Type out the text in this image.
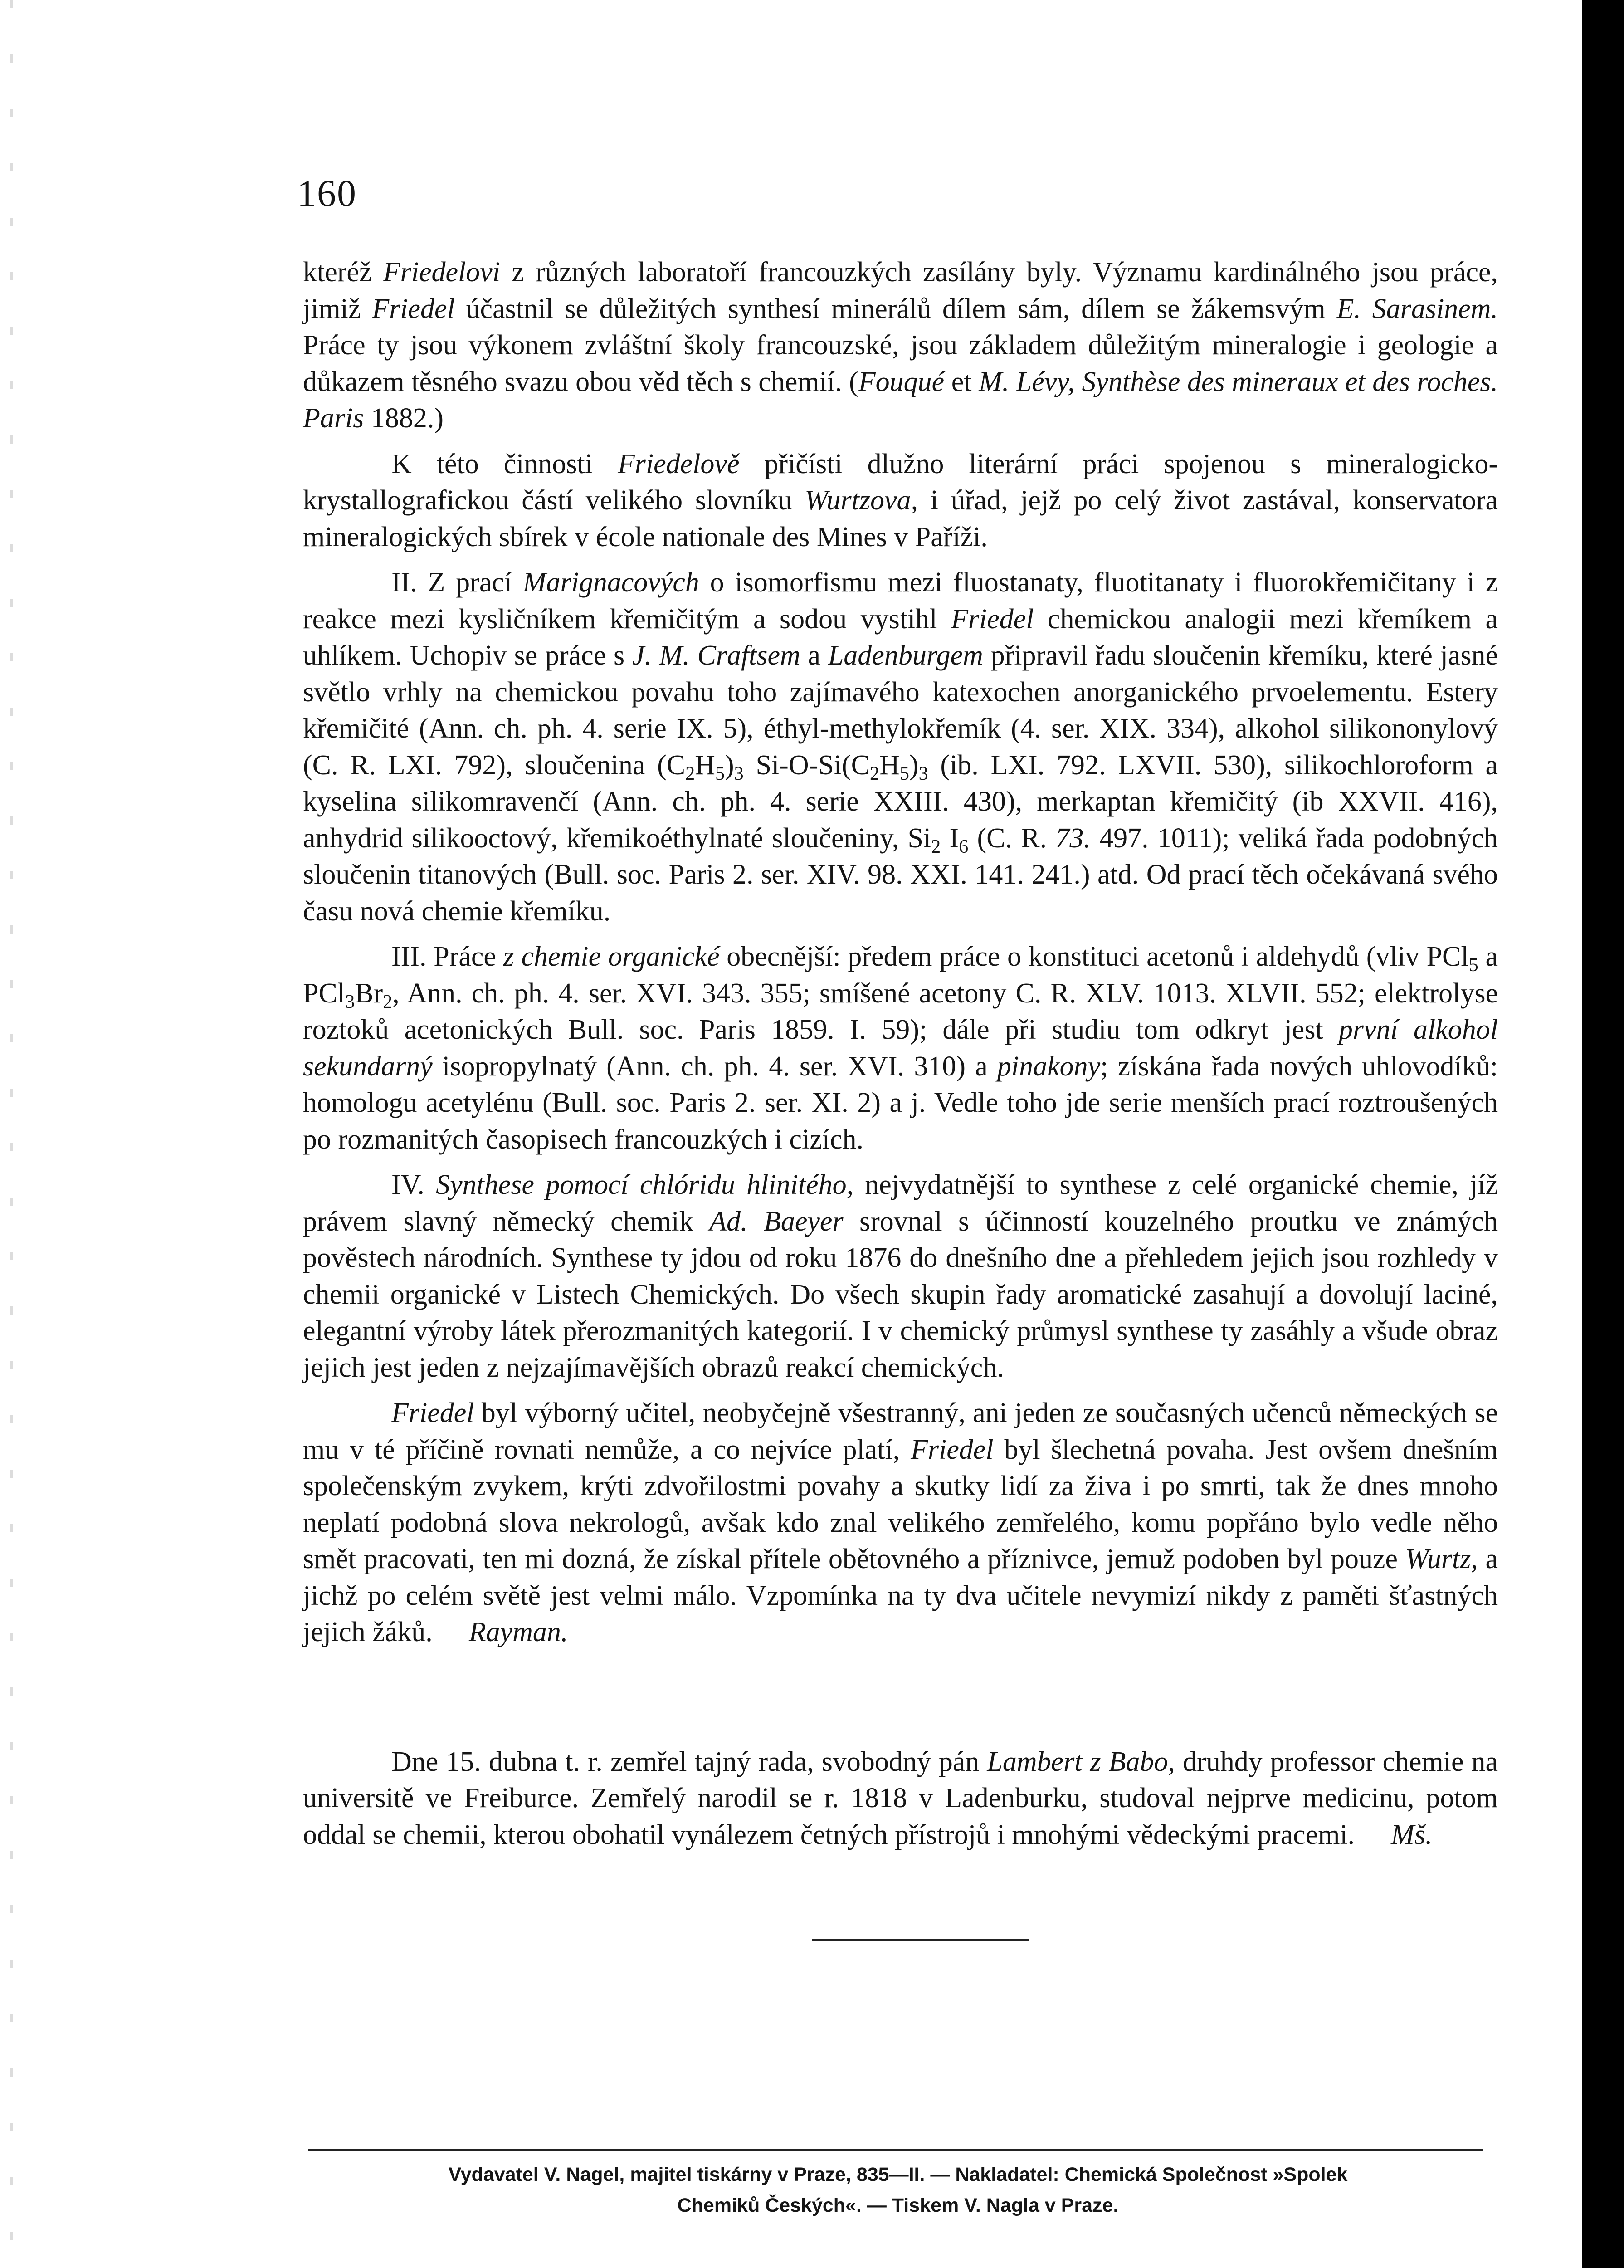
160

kteréž Friedelovi z různých laboratoří francouzkých zasílány byly. Významu kardinálného jsou práce, jimiž Friedel účastnil se důležitých synthesí minerálů dílem sám, dílem se žákemsvým E. Sarasinem. Práce ty jsou výkonem zvláštní školy francouzské, jsou základem důležitým mineralogie i geologie a důkazem těsného svazu obou věd těch s chemií. (Fouqué et M. Lévy, Synthèse des mineraux et des roches. Paris 1882.)

K této činnosti Friedelově přičísti dlužno literární práci spojenou s mineralogicko-krystallografickou částí velikého slovníku Wurtzova, i úřad, jejž po celý život zastával, konservatora mineralogických sbírek v école nationale des Mines v Paříži.

II. Z prací Marignacových o isomorfismu mezi fluostanaty, fluotitanaty i fluorokřemičitany i z reakce mezi kysličníkem křemičitým a sodou vystihl Friedel chemickou analogii mezi křemíkem a uhlíkem. Uchopiv se práce s J. M. Craftsem a Ladenburgem připravil řadu sloučenin křemíku, které jasné světlo vrhly na chemickou povahu toho zajímavého katexochen anorganického prvoelementu. Estery křemičité (Ann. ch. ph. 4. serie IX. 5), éthyl-methylokřemík (4. ser. XIX. 334), alkohol silikononylový (C. R. LXI. 792), sloučenina $(C_2H_5)_3$ $Si-O-Si(C_2H_5)_3$ (ib. LXI. 792. LXVII. 530), silikochloroform a kyselina silikomravenčí (Ann. ch. ph. 4. serie XXIII. 430), merkaptan křemičitý (ib XXVII. 416), anhydrid silikooctový, křemikoéthylnaté sloučeniny, $Si_2$ $I_6$ (C. R. 73. 497. 1011); veliká řada podobných sloučenin titanových (Bull. soc. Paris 2. ser. XIV. 98. XXI. 141. 241.) atd. Od prací těch očekávaná svého času nová chemie křemíku.

III. Práce z chemie organické obecnější: předem práce o konstituci acetonů i aldehydů (vliv PCl$_5$ a $PCl_3Br_2$, Ann. ch. ph. 4. ser. XVI. 343. 355; smíšené acetony C. R. XLV. 1013. XLVII. 552; elektrolyse roztoků acetonických Bull. soc. Paris 1859. I. 59); dále při studiu tom odkryt jest první alkohol sekundarný isopropylnatý (Ann. ch. ph. 4. ser. XVI. 310) a pinakony; získána řada nových uhlovodíků: homologu acetylénu (Bull. soc. Paris 2. ser. XI. 2) a j. Vedle toho jde serie menších prací roztroušených po rozmanitých časopisech francouzkých i cizích.

IV. Synthese pomocí chlóridu hlinitého, nejvydatnější to synthese z celé organické chemie, jíž právem slavný německý chemik Ad. Baeyer srovnal s účinností kouzelného proutku ve známých pověstech národních. Synthese ty jdou od roku 1876 do dnešního dne a přehledem jejich jsou rozhledy v chemii organické v Listech Chemických. Do všech skupin řady aromatické zasahují a dovolují laciné, elegantní výroby látek přerozmanitých kategorií. I v chemický průmysl synthese ty zasáhly a všude obraz jejich jest jeden z nejzajímavějších obrazů reakcí chemických.

Friedel byl výborný učitel, neobyčejně všestranný, ani jeden ze současných učenců německých se mu v té příčině rovnati nemůže, a co nejvíce platí, Friedel byl šlechetná povaha. Jest ovšem dnešním společenským zvykem, krýti zdvořilostmi povahy a skutky lidí za živa i po smrti, tak že dnes mnoho neplatí podobná slova nekrologů, avšak kdo znal velikého zemřelého, komu popřáno bylo vedle něho smět pracovati, ten mi dozná, že získal přítele obětovného a příznivce, jemuž podoben byl pouze Wurtz, a jichž po celém světě jest velmi málo. Vzpomínka na ty dva učitele nevymizí nikdy z paměti šťastných jejich žáků. Rayman.

Dne 15. dubna t. r. zemřel tajný rada, svobodný pán Lambert z Babo, druhdy professor chemie na universitě ve Freiburce. Zemřelý narodil se r. 1818 v Ladenburku, studoval nejprve medicinu, potom oddal se chemii, kterou obohatil vynálezem četných přístrojů i mnohými vědeckými pracemi. Mš.

Vydavatel V. Nagel, majitel tiskárny v Praze, 835—II. — Nakladatel: Chemická Společnost »Spolek
Chemiků Českých«. — Tiskem V. Nagla v Praze.
